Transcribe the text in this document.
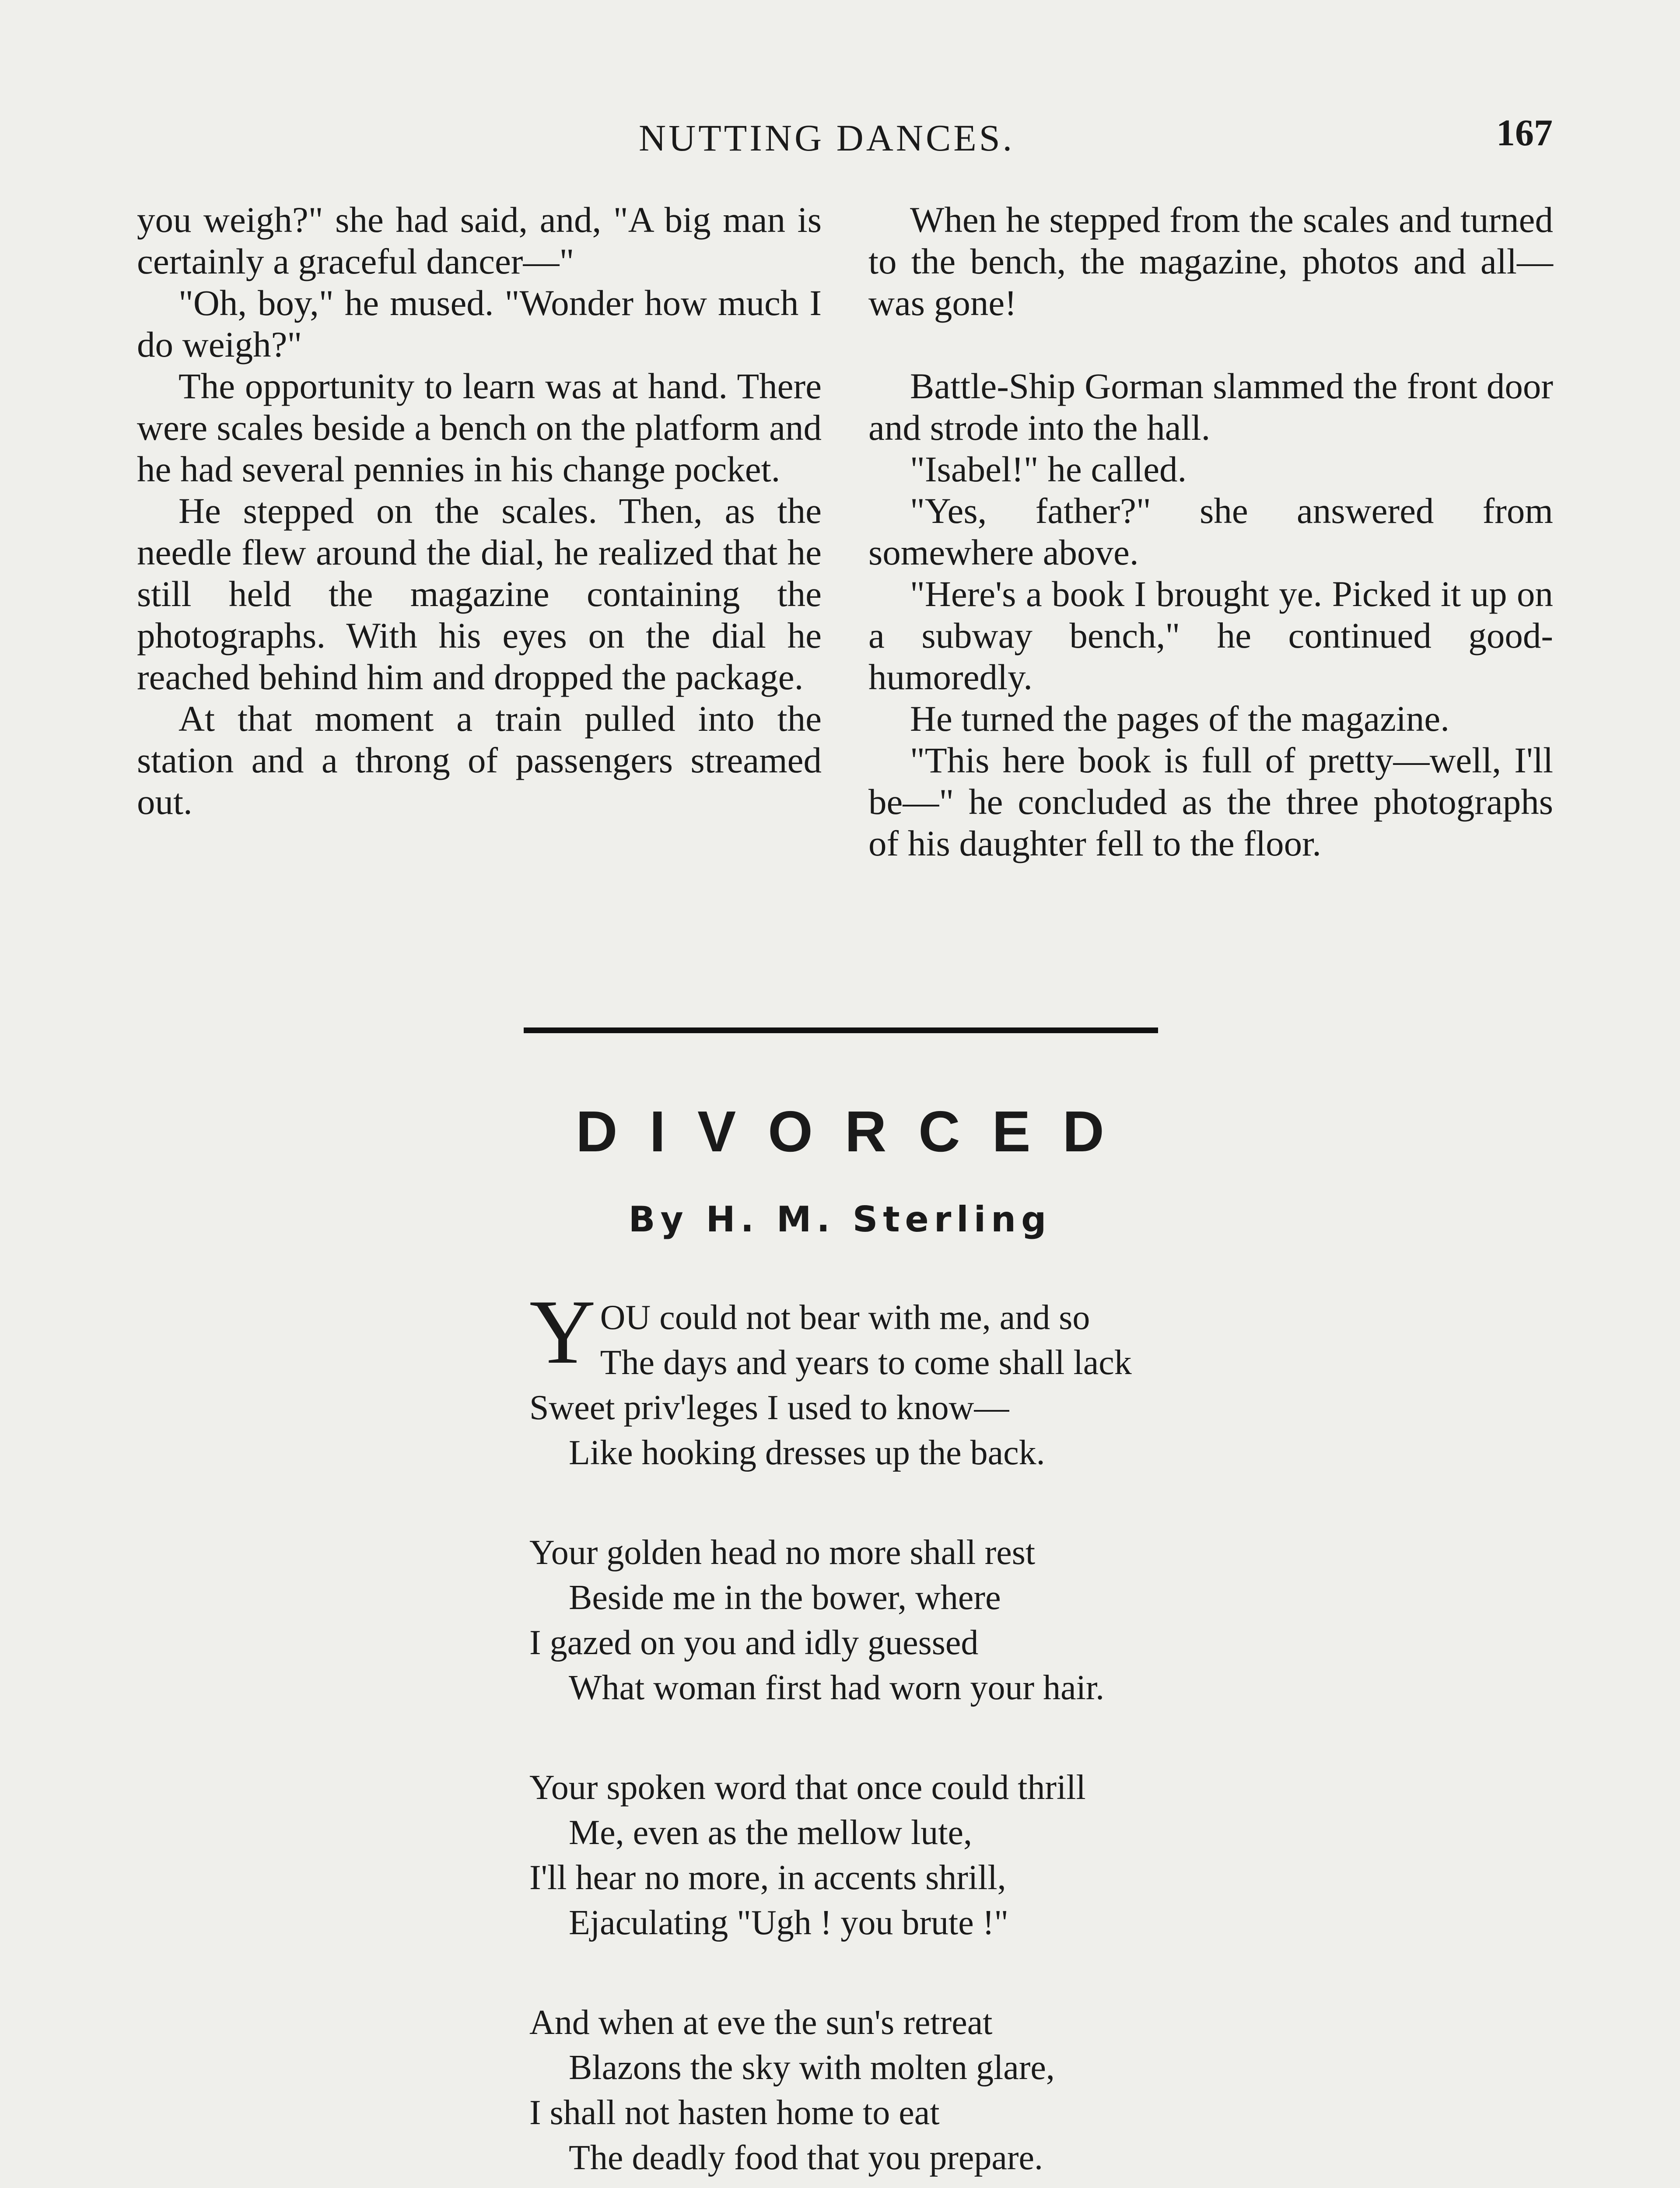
NUTTING DANCES.	167

you weigh?" she had said, and, "A big man is certainly a graceful dancer—"

"Oh, boy," he mused. "Wonder how much I do weigh?"

The opportunity to learn was at hand. There were scales beside a bench on the platform and he had several pennies in his change pocket.

He stepped on the scales. Then, as the needle flew around the dial, he realized that he still held the magazine containing the photographs. With his eyes on the dial he reached behind him and dropped the package.

At that moment a train pulled into the station and a throng of passengers streamed out.

When he stepped from the scales and turned to the bench, the magazine, photos and all—was gone!

Battle-Ship Gorman slammed the front door and strode into the hall.

"Isabel!" he called.

"Yes, father?" she answered from somewhere above.

"Here's a book I brought ye. Picked it up on a subway bench," he continued good-humoredly.

He turned the pages of the magazine.

"This here book is full of pretty—well, I'll be—" he concluded as the three photographs of his daughter fell to the floor.

DIVORCED
By H. M. Sterling
Y OU could not bear with me, and so
The days and years to come shall lack
Sweet priv'leges I used to know—
Like hooking dresses up the back.
Your golden head no more shall rest
Beside me in the bower, where
I gazed on you and idly guessed
What woman first had worn your hair.
Your spoken word that once could thrill
Me, even as the mellow lute,
I'll hear no more, in accents shrill,
Ejaculating "Ugh ! you brute !"
And when at eve the sun's retreat
Blazons the sky with molten glare,
I shall not hasten home to eat
The deadly food that you prepare.
